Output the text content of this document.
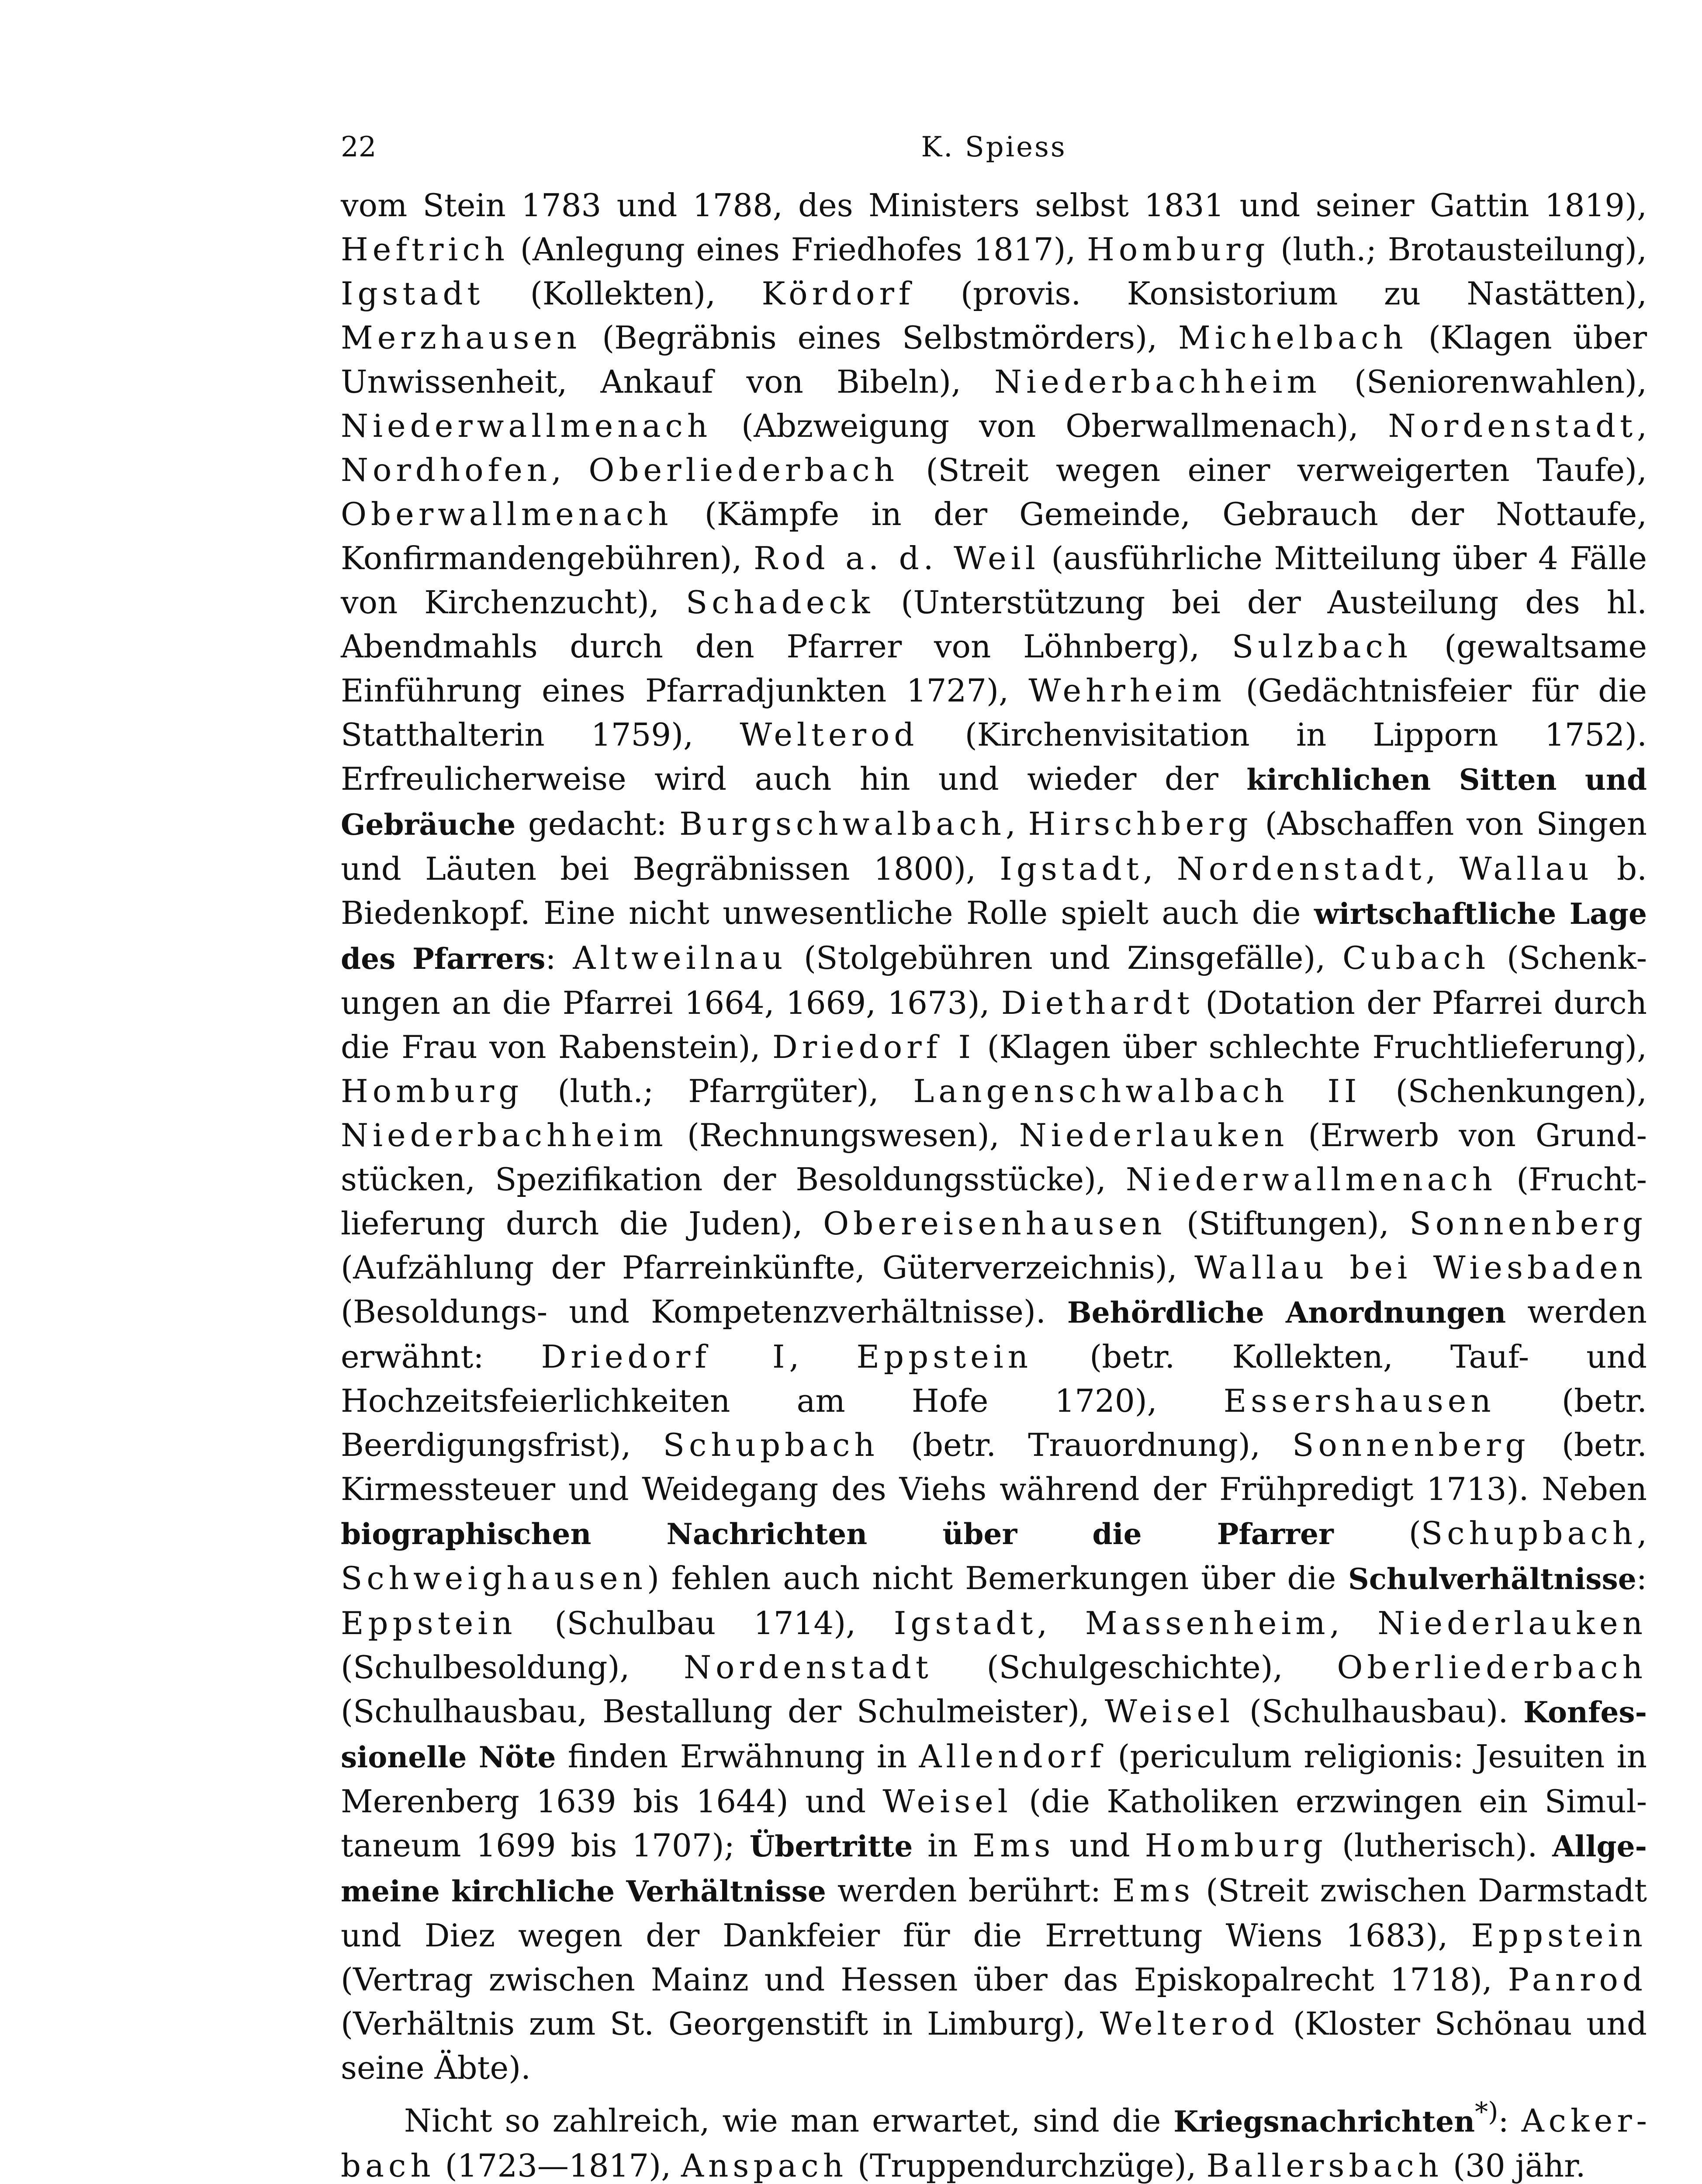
22	K. Spiess

vom Stein 1783 und 1788, des Ministers selbst 1831 und seiner Gattin 1819), Heftrich (Anlegung eines Friedhofes 1817), Homburg (luth.; Brotausteilung), Igstadt (Kollekten), Kördorf (provis. Konsistorium zu Nastätten), Merzhausen (Begräbnis eines Selbstmörders), Michelbach (Klagen über Unwissenheit, Ankauf von Bibeln), Niederbachheim (Seniorenwahlen), Niederwallmenach (Abzweigung von Oberwallmenach), Nordenstadt, Nordhofen, Oberliederbach (Streit wegen einer verweigerten Taufe), Oberwallmenach (Kämpfe in der Gemeinde, Gebrauch der Nottaufe, Konfirmandengebühren), Rod a. d. Weil (ausführliche Mitteilung über 4 Fälle von Kirchenzucht), Schadeck (Unterstützung bei der Austeilung des hl. Abendmahls durch den Pfarrer von Löhnberg), Sulzbach (gewaltsame Einführung eines Pfarradjunkten 1727), Wehrheim (Gedächtnisfeier für die Statthalterin 1759), Welterod (Kirchenvisitation in Lipporn 1752). Erfreulicherweise wird auch hin und wieder der kirchlichen Sitten und Gebräuche gedacht: Burgschwalbach, Hirschberg (Abschaffen von Singen und Läuten bei Begräbnissen 1800), Igstadt, Nordenstadt, Wallau b. Biedenkopf. Eine nicht unwesentliche Rolle spielt auch die wirtschaftliche Lage des Pfarrers: Altweilnau (Stolgebühren und Zinsgefälle), Cubach (Schenkungen an die Pfarrei 1664, 1669, 1673), Diethardt (Dotation der Pfarrei durch die Frau von Rabenstein), Driedorf I (Klagen über schlechte Fruchtlieferung), Homburg (luth.; Pfarrgüter), Langenschwalbach II (Schenkungen), Niederbachheim (Rechnungswesen), Niederlauken (Erwerb von Grundstücken, Spezifikation der Besoldungsstücke), Niederwallmenach (Fruchtlieferung durch die Juden), Obereisenhausen (Stiftungen), Sonnenberg (Aufzählung der Pfarreinkünfte, Güterverzeichnis), Wallau bei Wiesbaden (Besoldungs- und Kompetenzverhältnisse). Behördliche Anordnungen werden erwähnt: Driedorf I, Eppstein (betr. Kollekten, Tauf- und Hochzeitsfeierlichkeiten am Hofe 1720), Essershausen (betr. Beerdigungsfrist), Schupbach (betr. Trauordnung), Sonnenberg (betr. Kirmessteuer und Weidegang des Viehs während der Frühpredigt 1713). Neben biographischen Nachrichten über die Pfarrer (Schupbach, Schweighausen) fehlen auch nicht Bemerkungen über die Schulverhältnisse: Eppstein (Schulbau 1714), Igstadt, Massenheim, Niederlauken (Schulbesoldung), Nordenstadt (Schulgeschichte), Oberliederbach (Schulhausbau, Bestallung der Schulmeister), Weisel (Schulhausbau). Konfessionelle Nöte finden Erwähnung in Allendorf (periculum religionis: Jesuiten in Merenberg 1639 bis 1644) und Weisel (die Katholiken erzwingen ein Simultaneum 1699 bis 1707); Übertritte in Ems und Homburg (lutherisch). Allgemeine kirchliche Verhältnisse werden berührt: Ems (Streit zwischen Darmstadt und Diez wegen der Dankfeier für die Errettung Wiens 1683), Eppstein (Vertrag zwischen Mainz und Hessen über das Episkopalrecht 1718), Panrod (Verhältnis zum St. Georgenstift in Limburg), Welterod (Kloster Schönau und seine Äbte).

Nicht so zahlreich, wie man erwartet, sind die Kriegsnachrichten*): Ackerbach (1723—1817), Anspach (Truppendurchzüge), Ballersbach (30 jähr.
